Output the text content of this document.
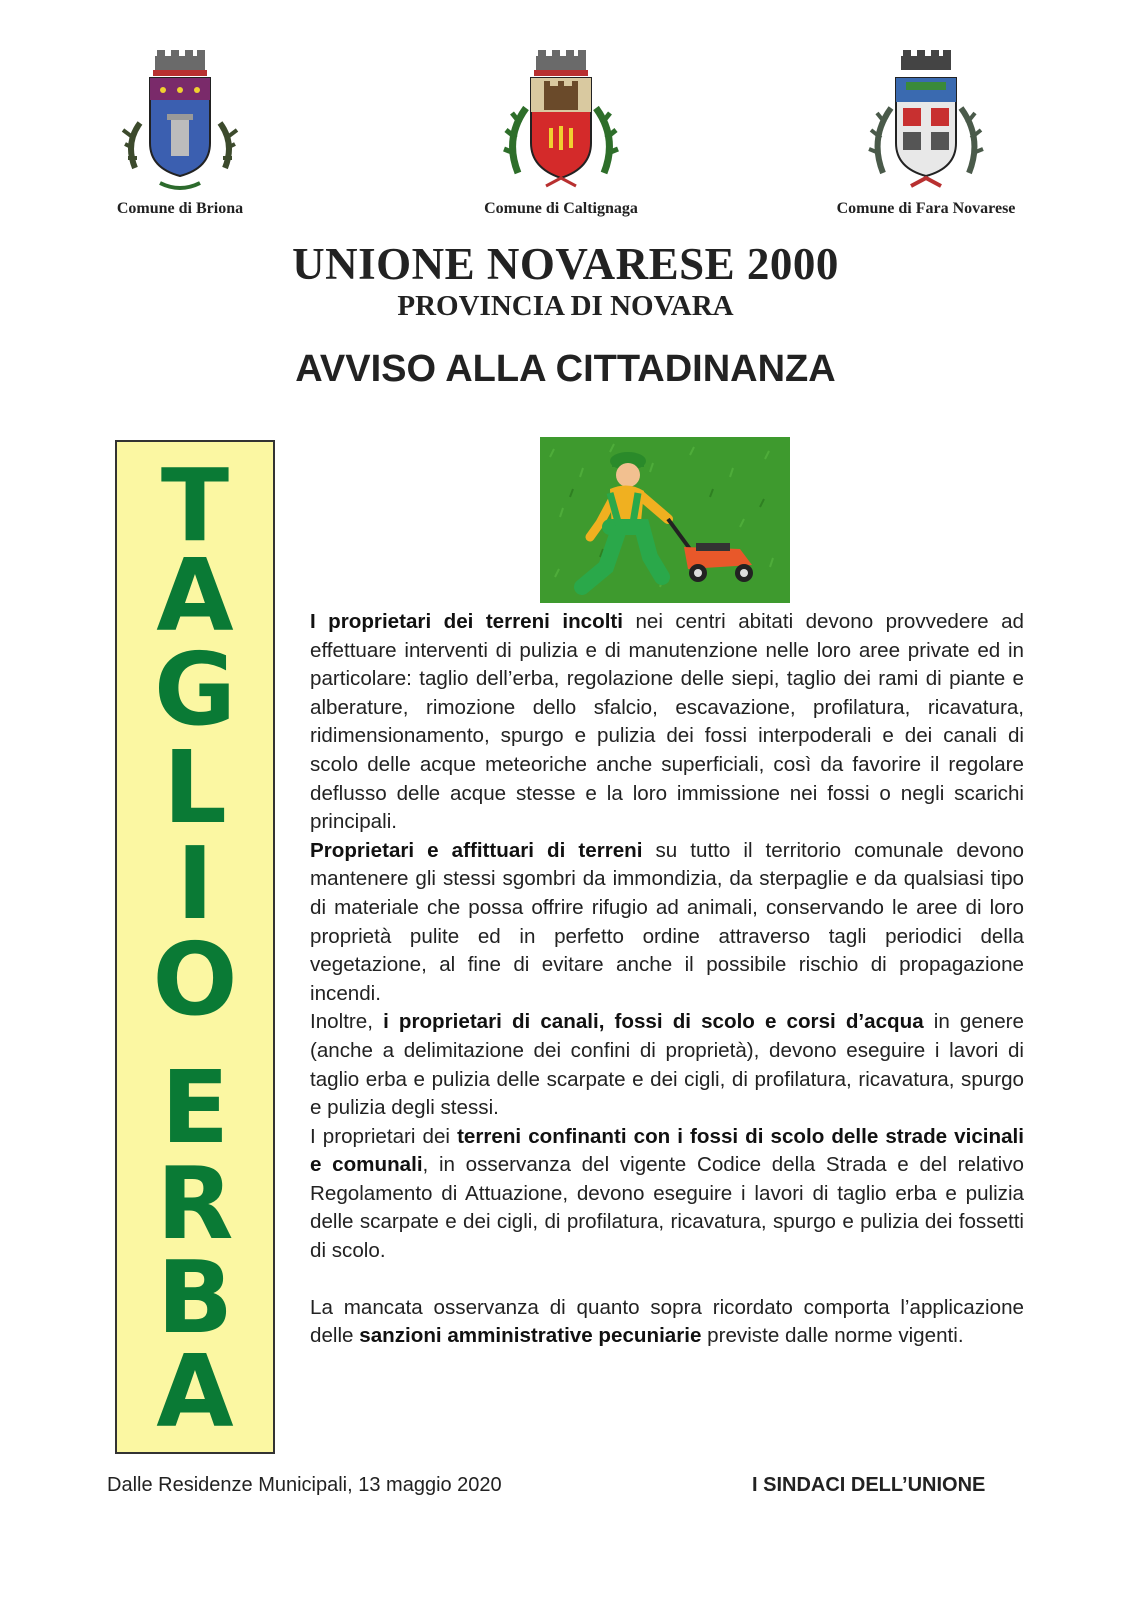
Comune di Briona	Comune di Caltignaga	Comune di Fara Novarese
UNIONE NOVARESE 2000
PROVINCIA DI NOVARA
AVVISO ALLA CITTADINANZA
T
A
G
L
I
O
E
R
B
A

I proprietari dei terreni incolti nei centri abitati devono provvedere ad effettuare interventi di pulizia e di manutenzione nelle loro aree private ed in particolare: taglio dell’erba, regolazione delle siepi, taglio dei rami di piante e alberature, rimozione dello sfalcio, escavazione, profilatura, ricavatura, ridimensionamento, spurgo e pulizia dei fossi interpoderali e dei canali di scolo delle acque meteoriche anche superficiali, così da favorire il regolare deflusso delle acque stesse e la loro immissione nei fossi o negli scarichi principali.

Proprietari e affittuari di terreni su tutto il territorio comunale devono mantenere gli stessi sgombri da immondizia, da sterpaglie e da qualsiasi tipo di materiale che possa offrire rifugio ad animali, conservando le aree di loro proprietà pulite ed in perfetto ordine attraverso tagli periodici della vegetazione, al fine di evitare anche il possibile rischio di propagazione incendi.

Inoltre, i proprietari di canali, fossi di scolo e corsi d’acqua in genere (anche a delimitazione dei confini di proprietà), devono eseguire i lavori di taglio erba e pulizia delle scarpate e dei cigli, di profilatura, ricavatura, spurgo e pulizia degli stessi.

I proprietari dei terreni confinanti con i fossi di scolo delle strade vicinali e comunali, in osservanza del vigente Codice della Strada e del relativo Regolamento di Attuazione, devono eseguire i lavori di taglio erba e pulizia delle scarpate e dei cigli, di profilatura, ricavatura, spurgo e pulizia dei fossetti di scolo.

La mancata osservanza di quanto sopra ricordato comporta l’applicazione delle sanzioni amministrative pecuniarie previste dalle norme vigenti.

Dalle Residenze Municipali, 13 maggio 2020	I SINDACI DELL’UNIONE
